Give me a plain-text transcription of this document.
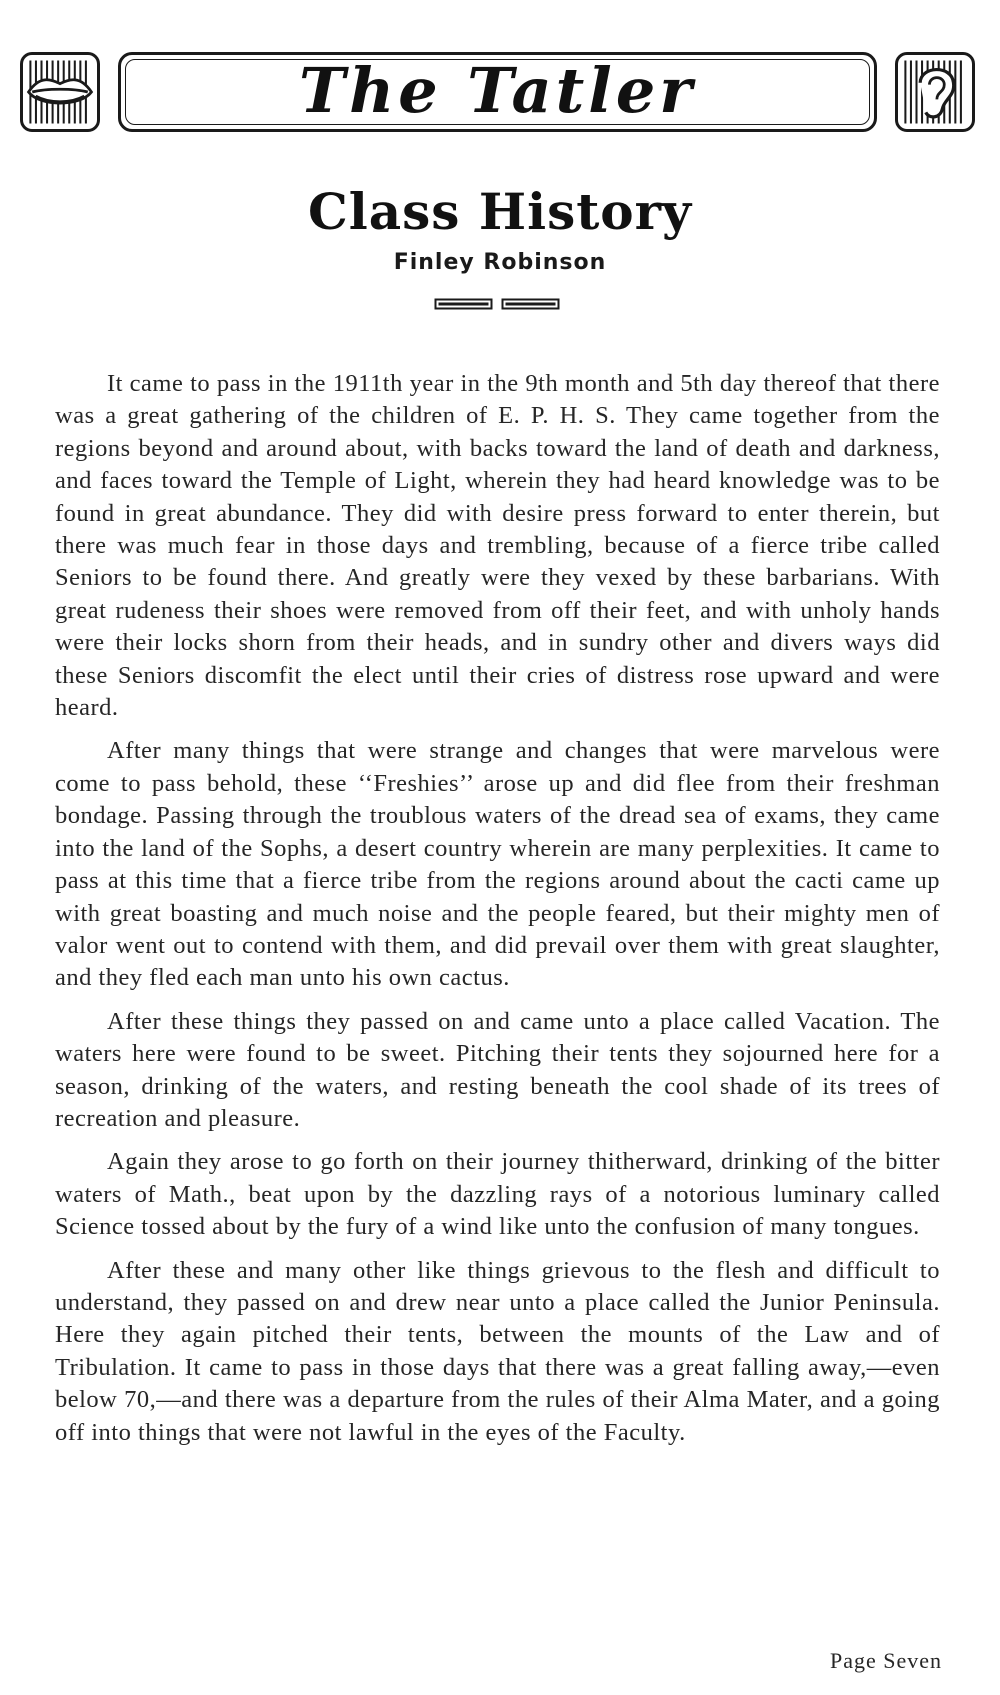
The Tatler
Class History
Finley Robinson

It came to pass in the 1911th year in the 9th month and 5th day thereof that there was a great gathering of the children of E. P. H. S. They came together from the regions beyond and around about, with backs toward the land of death and darkness, and faces toward the Temple of Light, wherein they had heard knowledge was to be found in great abundance. They did with desire press forward to enter therein, but there was much fear in those days and trembling, because of a fierce tribe called Seniors to be found there. And greatly were they vexed by these barbarians. With great rudeness their shoes were removed from off their feet, and with unholy hands were their locks shorn from their heads, and in sundry other and divers ways did these Seniors discomfit the elect until their cries of distress rose upward and were heard.

After many things that were strange and changes that were marvelous were come to pass behold, these ‘‘Freshies’’ arose up and did flee from their freshman bondage. Passing through the troublous waters of the dread sea of exams, they came into the land of the Sophs, a desert country wherein are many perplexities. It came to pass at this time that a fierce tribe from the regions around about the cacti came up with great boasting and much noise and the people feared, but their mighty men of valor went out to contend with them, and did prevail over them with great slaughter, and they fled each man unto his own cactus.

After these things they passed on and came unto a place called Vacation. The waters here were found to be sweet. Pitching their tents they sojourned here for a season, drinking of the waters, and resting beneath the cool shade of its trees of recreation and pleasure.

Again they arose to go forth on their journey thitherward, drinking of the bitter waters of Math., beat upon by the dazzling rays of a notorious luminary called Science tossed about by the fury of a wind like unto the confusion of many tongues.

After these and many other like things grievous to the flesh and difficult to understand, they passed on and drew near unto a place called the Junior Peninsula. Here they again pitched their tents, between the mounts of the Law and of Tribulation. It came to pass in those days that there was a great falling away,—even below 70,—and there was a departure from the rules of their Alma Mater, and a going off into things that were not lawful in the eyes of the Faculty.

Page Seven
